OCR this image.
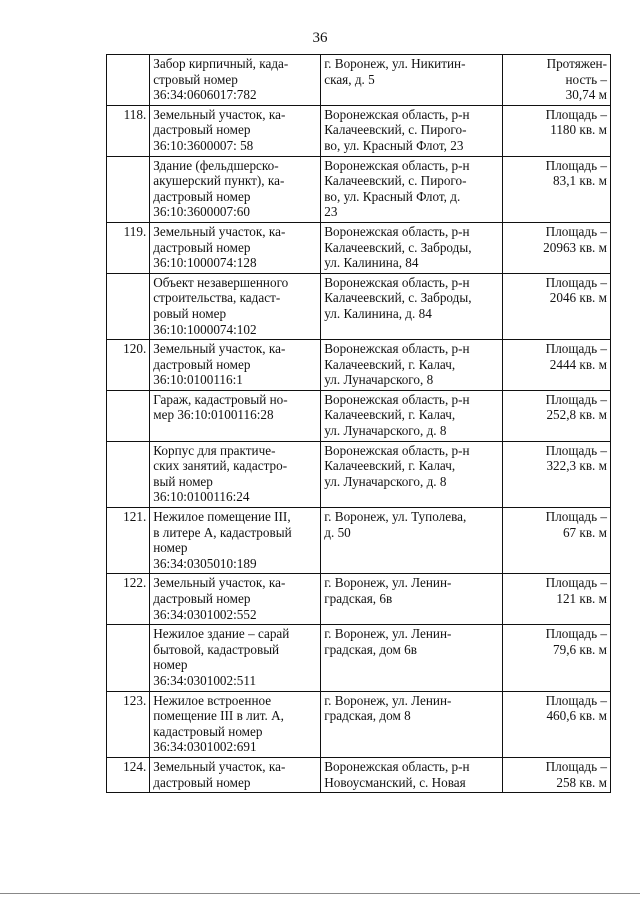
36

	Забор кирпичный, када-
стровый номер
36:34:0606017:782	г. Воронеж, ул. Никитин-
ская, д. 5	Протяжен-
ность –
30,74 м

118.	Земельный участок, ка-
дастровый номер
36:10:3600007: 58	Воронежская область, р-н
Калачеевский, с. Пирого-
во, ул. Красный Флот, 23	Площадь –
1180 кв. м

	Здание (фельдшерско-
акушерский пункт), ка-
дастровый номер
36:10:3600007:60	Воронежская область, р-н
Калачеевский, с. Пирого-
во, ул. Красный Флот, д.
23	Площадь –
83,1 кв. м

119.	Земельный участок, ка-
дастровый номер
36:10:1000074:128	Воронежская область, р-н
Калачеевский, с. Заброды,
ул. Калинина, 84	Площадь –
20963 кв. м

	Объект незавершенного
строительства, кадаст-
ровый номер
36:10:1000074:102	Воронежская область, р-н
Калачеевский, с. Заброды,
ул. Калинина, д. 84	Площадь –
2046 кв. м

120.	Земельный участок, ка-
дастровый номер
36:10:0100116:1	Воронежская область, р-н
Калачеевский, г. Калач,
ул. Луначарского, 8	Площадь –
2444 кв. м

	Гараж, кадастровый но-
мер 36:10:0100116:28	Воронежская область, р-н
Калачеевский, г. Калач,
ул. Луначарского, д. 8	Площадь –
252,8 кв. м

	Корпус для практиче-
ских занятий, кадастро-
вый номер
36:10:0100116:24	Воронежская область, р-н
Калачеевский, г. Калач,
ул. Луначарского, д. 8	Площадь –
322,3 кв. м

121.	Нежилое помещение III,
в литере А, кадастровый
номер
36:34:0305010:189	г. Воронеж, ул. Туполева,
д. 50	Площадь –
67 кв. м

122.	Земельный участок, ка-
дастровый номер
36:34:0301002:552	г. Воронеж, ул. Ленин-
градская, 6в	Площадь –
121 кв. м

	Нежилое здание – сарай
бытовой, кадастровый
номер
36:34:0301002:511	г. Воронеж, ул. Ленин-
градская, дом 6в	Площадь –
79,6 кв. м

123.	Нежилое встроенное
помещение III в лит. А,
кадастровый номер
36:34:0301002:691	г. Воронеж, ул. Ленин-
градская, дом 8	Площадь –
460,6 кв. м

124.	Земельный участок, ка-
дастровый номер	Воронежская область, р-н
Новоусманский, с. Новая	Площадь –
258 кв. м
